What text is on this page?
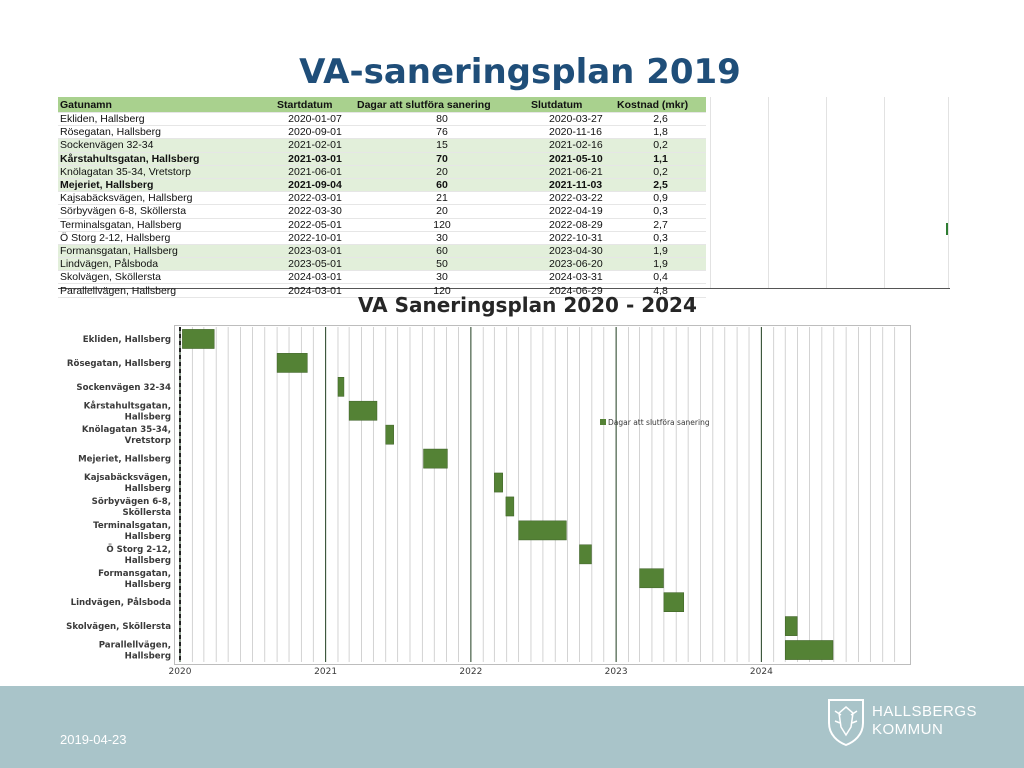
VA-saneringsplan 2019
Gatunamn	Startdatum	Dagar att slutföra sanering	Slutdatum	Kostnad (mkr)
Ekliden, Hallsberg	2020-01-07	80	2020-03-27	2,6
Rösegatan, Hallsberg	2020-09-01	76	2020-11-16	1,8
Sockenvägen 32-34	2021-02-01	15	2021-02-16	0,2
Kårstahultsgatan, Hallsberg	2021-03-01	70	2021-05-10	1,1
Knölagatan 35-34, Vretstorp	2021-06-01	20	2021-06-21	0,2
Mejeriet, Hallsberg	2021-09-04	60	2021-11-03	2,5
Kajsabäcksvägen, Hallsberg	2022-03-01	21	2022-03-22	0,9
Sörbyvägen 6-8, Sköllersta	2022-03-30	20	2022-04-19	0,3
Terminalsgatan, Hallsberg	2022-05-01	120	2022-08-29	2,7
Ö Storg 2-12, Hallsberg	2022-10-01	30	2022-10-31	0,3
Formansgatan, Hallsberg	2023-03-01	60	2023-04-30	1,9
Lindvägen, Pålsboda	2023-05-01	50	2023-06-20	1,9
Skolvägen, Sköllersta	2024-03-01	30	2024-03-31	0,4
Parallellvägen, Hallsberg	2024-03-01	120	2024-06-29	4,8
VA Saneringsplan 2020 - 2024
2020	2021	2022	2023	2024
Ekliden, Hallsberg
Rösegatan, Hallsberg
Sockenvägen 32-34
Kårstahultsgatan,
Hallsberg
Knölagatan 35-34,
Vretstorp
Mejeriet, Hallsberg
Kajsabäcksvägen,
Hallsberg
Sörbyvägen 6-8,
Sköllersta
Terminalsgatan,
Hallsberg
Ö Storg 2-12,
Hallsberg
Formansgatan,
Hallsberg
Lindvägen, Pålsboda
Skolvägen, Sköllersta
Parallellvägen,
Hallsberg
Dagar att slutföra sanering
2019-04-23
HALLSBERGS
KOMMUN
